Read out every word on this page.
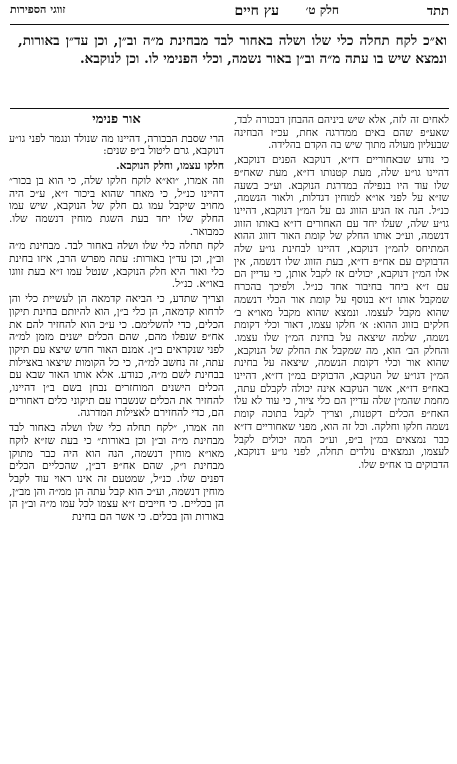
תתד
חלק ט׳
עץ חיים
זווגי הספירות

וא״כ לקח תחלה כלי שלו ושלה באחור לבד מבחינת מ״ה וב״ן, וכן עד״ן באורות, ונמצא שיש בו עתה מ״ה וב״ן באור נשמה, וכלי הפנימי לו. וכן לנוקבא.

לאחים זה לזה, אלא שיש ביניהם ההבחן דבכורה לבד, שאע״פ שהם באים ממדרגה אחת, עכ״ז הבחינה שבעליון מעולה מתוך שיש בה הקדם בהלידה.

כי נודע שבאחוריים דז״א, דנוקבא הפנים דנוקבא, דהיינו גו״ע שלה, מעת קטנותו דז״א, מעת שאח״פ שלו עוד היו בנפילה במדרגת הנוקבא. וע״כ בשעה שז״א על לפני או״א למוחין דגדלות, ולאור הנשמה, כנ״ל. הנה אז הגיע הזווג גם על המ״ן דנוקבא, דהיינו גו״ע שלה, שעלו יחד עם האחורים דז״א באותו הזווג דנשמה, וע״כ אותו החלק של קומת האור דזווג ההוא המתיחס להמ״ן דנוקבא, דהיינו לבחינת גו״ע שלה הדבוקים עם אח״פ דז״א, בעת הזווג שלו דנשמה, אין אלו המ״ן דנוקבא, יכולים אז לקבל אותן, כי עדיין הם עם ז״א ביחד בחיבור אחד כנ״ל. ולפיכך בהכרח שמקבל אותו ז״א בנוסף על קומת אור הכלי דנשמה שהוא מקבל לעצמו. ונמצא שהוא מקבל מאו״א ב׳ חלקים בזווג ההוא: א׳ חלקו עצמו, דאור וכלי דקומת נשמה, שלמה שיצאה על בחינת המ״ן שלו עצמו. והחלק הב׳ הוא, מה שמקבל את החלק של הנוקבא, שהוא אור וכלי דקומת הנשמה, שיצאה על בחינת המ״ן דגו״ע של הנוקבא, הדבוקים במ״ן דז״א, דהיינו באח״פ דז״א, אשר הנוקבא אינה יכולה לקבלם עתה, מחמת שהמ״ן שלה עדיין הם כלי ציור, כי עוד לא עלו האח״פ הכלים דקטנות, וצריך לקבל בתוכה קומת נשמה חלקו וחלקה. וכל זה הוא, מפני שאחוריים דז״א כבר נמצאים במ״ן ב״פ, וע״כ המה יכולים לקבל לעצמו, ונמצאים נולדים תחלה, לפני גו״ע דנוקבא, הדבוקים בו אח״פ שלו.

אור פנימי

הרי שסבת הבכורה, דהיינו מה שנולד ונגמר לפני גו״ע דנוקבא, גרם ליטול ב״פ שנים:

חלקו עצמו, וחלק הנוקבא.

וזה אמרו, ״וא״א לוקח חלקו שלה, כי הוא בן בכור״ דהיינו כנ״ל, כי מאחר שהוא ביכור ז״א, ע״כ היה מחויב שיקבל עמו גם חלק של הנוקבא, שיש עמו החלק שלו יחד בעת השגת מוחין דנשמה שלו. כמבואר.

לקח תחלה כלי שלו ושלה באחור לבד. מבחינת מ״ה וב״ן, וכן עד״ן באורות: עתה מפרש הרב, איזו בחינת כלי ואור היא חלק הנוקבא, שנטל עמו ז״א בעת זווגו באו״א. כנ״ל.

וצריך שתדע, כי הביאה קדמאה הן לעשיית כלי והן לרחוא קדמאה, הן כלי ב״ן, הוא להיותם בחינת תיקון הכלים, כדי להשלימם. כי ע״כ הוא להחזיר להם את אח״פ שנפלו מהם, שהם הכלים ישנים מזמן למ״ה לפני שנקראים ב״ן. אמנם האור חדש שיצא עם תיקון עתה, זה נחשב למ״ה, כי כל הקומות שיצאו באצילות בבחינת לשם מ״ה, כנודע. אלא אותו האור שבא עם הכלים הישנים המוחזרים נבחן בשם ב״ן דהיינו, להחזיר את הכלים שנשברו עם תיקוני כלים דאחורים הם, כדי להחזירם לאצילות המדרגה.

וזה אמרו, ״לקח תחלה כלי שלו ושלה באחור לבד מבחינת מ״ה וב״ן וכן באורות״ כי בעת שז״א לוקח מאו״א מוחין דנשמה, הנה הוא היה כבר מתוקן מבחינת ו״ק, שהם אח״פ דב״ן, שהכליים הכלים דפנים שלו. כנ״ל, שמטעם זה אינו ראוי עוד לקבל מוחין דנשמה, וע״כ הוא קבל עתה הן ממ״ה והן מב״ן, הן בכליים. כי חייבים ז״א עצמו לכל עמו מ״ה וב״ן הן באורות והן בכלים. כי אשר הם בחינת
